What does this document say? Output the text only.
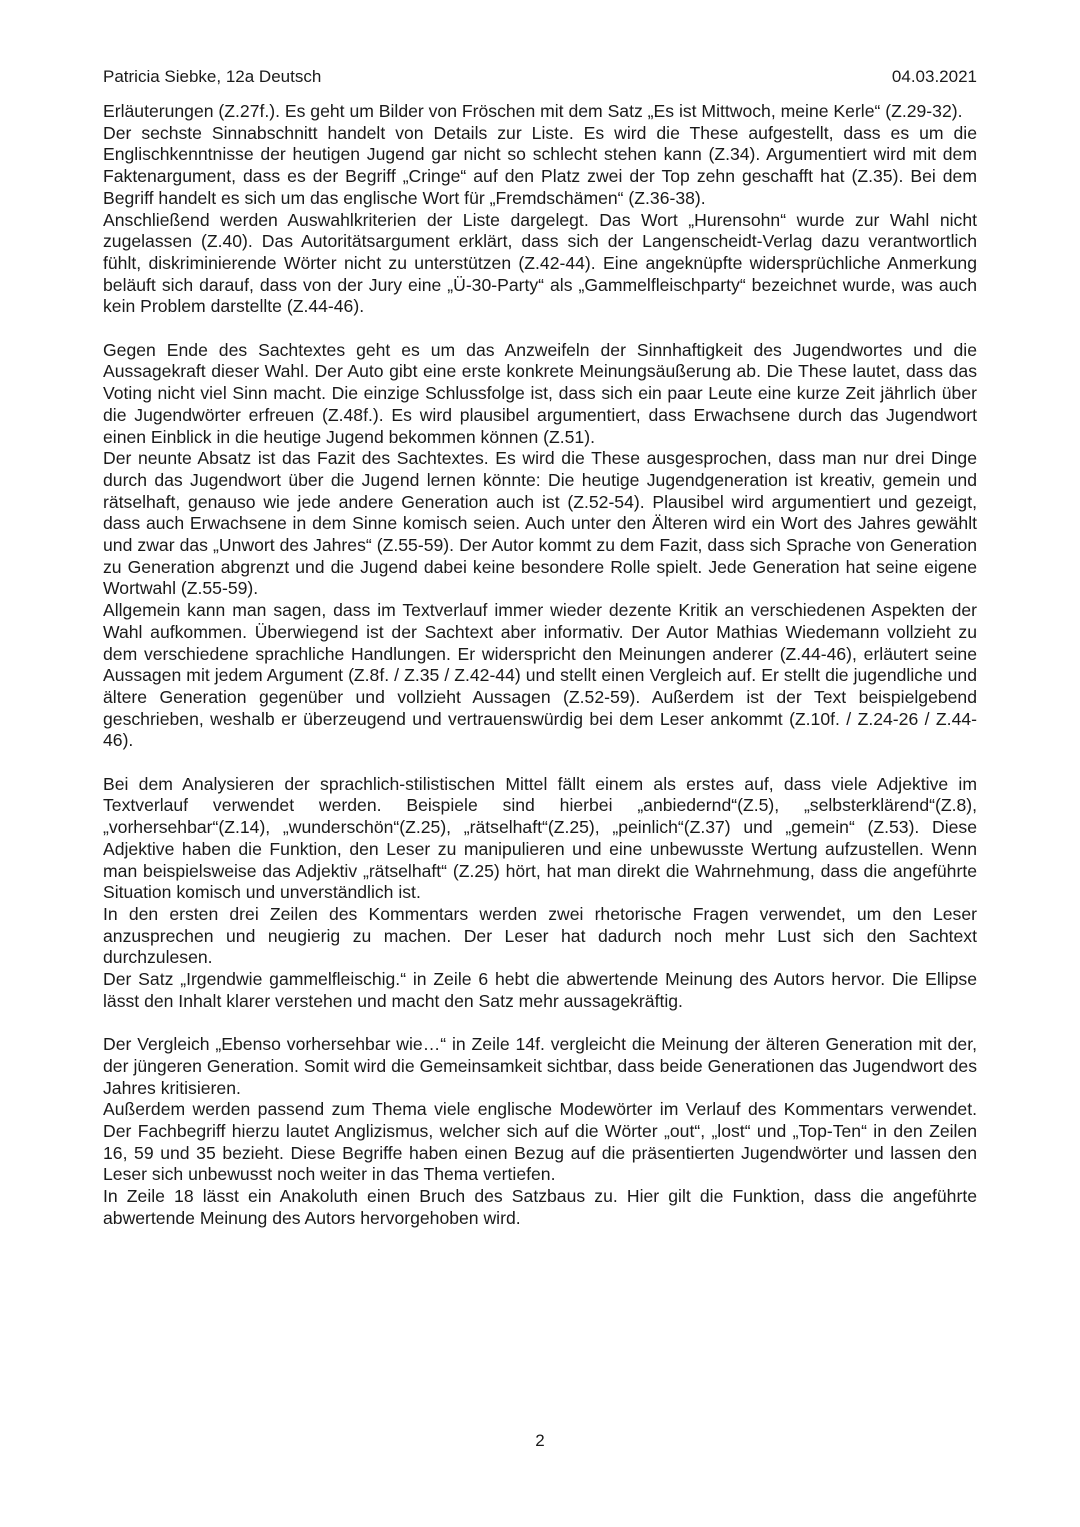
Patricia Siebke, 12a Deutsch	04.03.2021

Erläuterungen (Z.27f.). Es geht um Bilder von Fröschen mit dem Satz „Es ist Mittwoch, meine Kerle“ (Z.29-32).

Der sechste Sinnabschnitt handelt von Details zur Liste. Es wird die These aufgestellt, dass es um die Englischkenntnisse der heutigen Jugend gar nicht so schlecht stehen kann (Z.34). Argumentiert wird mit dem Faktenargument, dass es der Begriff „Cringe“ auf den Platz zwei der Top zehn geschafft hat (Z.35). Bei dem Begriff handelt es sich um das englische Wort für „Fremdschämen“ (Z.36-38).

Anschließend werden Auswahlkriterien der Liste dargelegt. Das Wort „Hurensohn“ wurde zur Wahl nicht zugelassen (Z.40). Das Autoritätsargument erklärt, dass sich der Langenscheidt-Verlag dazu verantwortlich fühlt, diskriminierende Wörter nicht zu unterstützen (Z.42-44). Eine angeknüpfte widersprüchliche Anmerkung beläuft sich darauf, dass von der Jury eine „Ü-30-Party“ als „Gammelfleischparty“ bezeichnet wurde, was auch kein Problem darstellte (Z.44-46).

Gegen Ende des Sachtextes geht es um das Anzweifeln der Sinnhaftigkeit des Jugendwortes und die Aussagekraft dieser Wahl. Der Auto gibt eine erste konkrete Meinungsäußerung ab. Die These lautet, dass das Voting nicht viel Sinn macht. Die einzige Schlussfolge ist, dass sich ein paar Leute eine kurze Zeit jährlich über die Jugendwörter erfreuen (Z.48f.). Es wird plausibel argumentiert, dass Erwachsene durch das Jugendwort einen Einblick in die heutige Jugend bekommen können (Z.51).

Der neunte Absatz ist das Fazit des Sachtextes. Es wird die These ausgesprochen, dass man nur drei Dinge durch das Jugendwort über die Jugend lernen könnte: Die heutige Jugendgeneration ist kreativ, gemein und rätselhaft, genauso wie jede andere Generation auch ist (Z.52-54). Plausibel wird argumentiert und gezeigt, dass auch Erwachsene in dem Sinne komisch seien. Auch unter den Älteren wird ein Wort des Jahres gewählt und zwar das „Unwort des Jahres“ (Z.55-59). Der Autor kommt zu dem Fazit, dass sich Sprache von Generation zu Generation abgrenzt und die Jugend dabei keine besondere Rolle spielt. Jede Generation hat seine eigene Wortwahl (Z.55-59).

Allgemein kann man sagen, dass im Textverlauf immer wieder dezente Kritik an verschiedenen Aspekten der Wahl aufkommen. Überwiegend ist der Sachtext aber informativ. Der Autor Mathias Wiedemann vollzieht zu dem verschiedene sprachliche Handlungen. Er widerspricht den Meinungen anderer (Z.44-46), erläutert seine Aussagen mit jedem Argument (Z.8f. / Z.35 / Z.42-44) und stellt einen Vergleich auf. Er stellt die jugendliche und ältere Generation gegenüber und vollzieht Aussagen (Z.52-59). Außerdem ist der Text beispielgebend geschrieben, weshalb er überzeugend und vertrauenswürdig bei dem Leser ankommt (Z.10f. / Z.24-26 / Z.44-46).

Bei dem Analysieren der sprachlich-stilistischen Mittel fällt einem als erstes auf, dass viele Adjektive im Textverlauf verwendet werden. Beispiele sind hierbei „anbiedernd“(Z.5), „selbsterklärend“(Z.8), „vorhersehbar“(Z.14), „wunderschön“(Z.25), „rätselhaft“(Z.25), „peinlich“(Z.37) und „gemein“ (Z.53). Diese Adjektive haben die Funktion, den Leser zu manipulieren und eine unbewusste Wertung aufzustellen. Wenn man beispielsweise das Adjektiv „rätselhaft“ (Z.25) hört, hat man direkt die Wahrnehmung, dass die angeführte Situation komisch und unverständlich ist.

In den ersten drei Zeilen des Kommentars werden zwei rhetorische Fragen verwendet, um den Leser anzusprechen und neugierig zu machen. Der Leser hat dadurch noch mehr Lust sich den Sachtext durchzulesen.

Der Satz „Irgendwie gammelfleischig.“ in Zeile 6 hebt die abwertende Meinung des Autors hervor. Die Ellipse lässt den Inhalt klarer verstehen und macht den Satz mehr aussagekräftig.

Der Vergleich „Ebenso vorhersehbar wie…“ in Zeile 14f. vergleicht die Meinung der älteren Generation mit der, der jüngeren Generation. Somit wird die Gemeinsamkeit sichtbar, dass beide Generationen das Jugendwort des Jahres kritisieren.

Außerdem werden passend zum Thema viele englische Modewörter im Verlauf des Kommentars verwendet. Der Fachbegriff hierzu lautet Anglizismus, welcher sich auf die Wörter „out“, „lost“ und „Top-Ten“ in den Zeilen 16, 59 und 35 bezieht. Diese Begriffe haben einen Bezug auf die präsentierten Jugendwörter und lassen den Leser sich unbewusst noch weiter in das Thema vertiefen.

In Zeile 18 lässt ein Anakoluth einen Bruch des Satzbaus zu. Hier gilt die Funktion, dass die angeführte abwertende Meinung des Autors hervorgehoben wird.

2
